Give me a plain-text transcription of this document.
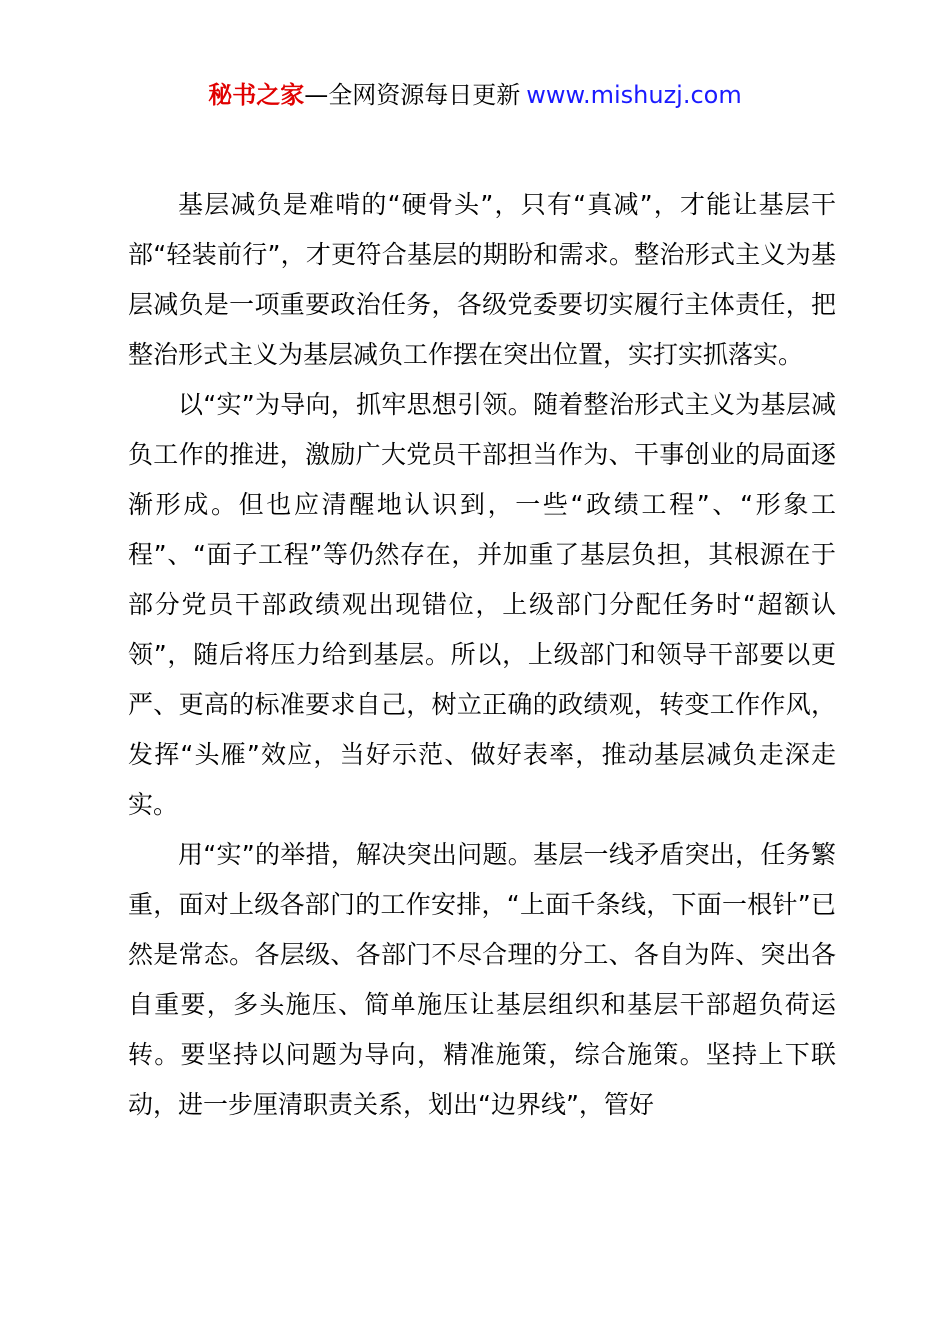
秘书之家—全网资源每日更新 www.mishuzj.com

基层减负是难啃的“硬骨头”，只有“真减”，才能让基层干部“轻装前行”，才更符合基层的期盼和需求。整治形式主义为基层减负是一项重要政治任务，各级党委要切实履行主体责任，把整治形式主义为基层减负工作摆在突出位置，实打实抓落实。

以“实”为导向，抓牢思想引领。随着整治形式主义为基层减负工作的推进，激励广大党员干部担当作为、干事创业的局面逐渐形成。但也应清醒地认识到，一些“政绩工程”、“形象工程”、“面子工程”等仍然存在，并加重了基层负担，其根源在于部分党员干部政绩观出现错位，上级部门分配任务时“超额认领”，随后将压力给到基层。所以，上级部门和领导干部要以更严、更高的标准要求自己，树立正确的政绩观，转变工作作风，发挥“头雁”效应，当好示范、做好表率，推动基层减负走深走实。

用“实”的举措，解决突出问题。基层一线矛盾突出，任务繁重，面对上级各部门的工作安排，“上面千条线，下面一根针”已然是常态。各层级、各部门不尽合理的分工、各自为阵、突出各自重要，多头施压、简单施压让基层组织和基层干部超负荷运转。要坚持以问题为导向，精准施策，综合施策。坚持上下联动，进一步厘清职责关系，划出“边界线”，管好
